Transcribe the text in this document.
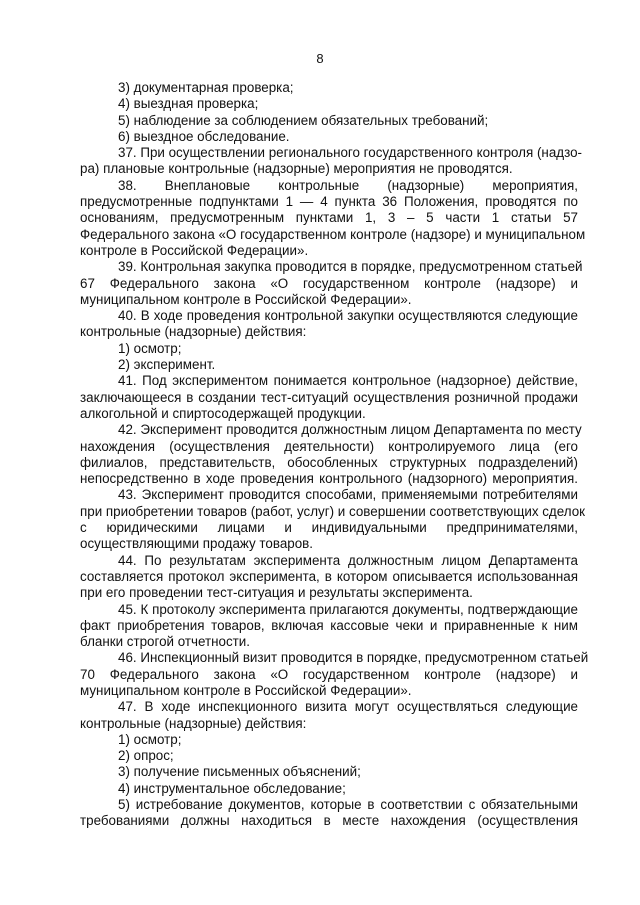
8
3) документарная проверка;
4) выездная проверка;
5) наблюдение за соблюдением обязательных требований;
6) выездное обследование.
37. При осуществлении регионального государственного контроля (надзо-
ра) плановые контрольные (надзорные) мероприятия не проводятся.
38. Внеплановые контрольные (надзорные) мероприятия,
предусмотренные подпунктами 1 — 4 пункта 36 Положения, проводятся по
основаниям, предусмотренным пунктами 1, 3 – 5 части 1 статьи 57
Федерального закона «О государственном контроле (надзоре) и муниципальном
контроле в Российской Федерации».
39. Контрольная закупка проводится в порядке, предусмотренном статьей
67 Федерального закона «О государственном контроле (надзоре) и
муниципальном контроле в Российской Федерации».
40. В ходе проведения контрольной закупки осуществляются следующие
контрольные (надзорные) действия:
1) осмотр;
2) эксперимент.
41. Под экспериментом понимается контрольное (надзорное) действие,
заключающееся в создании тест-ситуаций осуществления розничной продажи
алкогольной и спиртосодержащей продукции.
42. Эксперимент проводится должностным лицом Департамента по месту
нахождения (осуществления деятельности) контролируемого лица (его
филиалов, представительств, обособленных структурных подразделений)
непосредственно в ходе проведения контрольного (надзорного) мероприятия.
43. Эксперимент проводится способами, применяемыми потребителями
при приобретении товаров (работ, услуг) и совершении соответствующих сделок
с юридическими лицами и индивидуальными предпринимателями,
осуществляющими продажу товаров.
44. По результатам эксперимента должностным лицом Департамента
составляется протокол эксперимента, в котором описывается использованная
при его проведении тест-ситуация и результаты эксперимента.
45. К протоколу эксперимента прилагаются документы, подтверждающие
факт приобретения товаров, включая кассовые чеки и приравненные к ним
бланки строгой отчетности.
46. Инспекционный визит проводится в порядке, предусмотренном статьей
70 Федерального закона «О государственном контроле (надзоре) и
муниципальном контроле в Российской Федерации».
47. В ходе инспекционного визита могут осуществляться следующие
контрольные (надзорные) действия:
1) осмотр;
2) опрос;
3) получение письменных объяснений;
4) инструментальное обследование;
5) истребование документов, которые в соответствии с обязательными
требованиями должны находиться в месте нахождения (осуществления
